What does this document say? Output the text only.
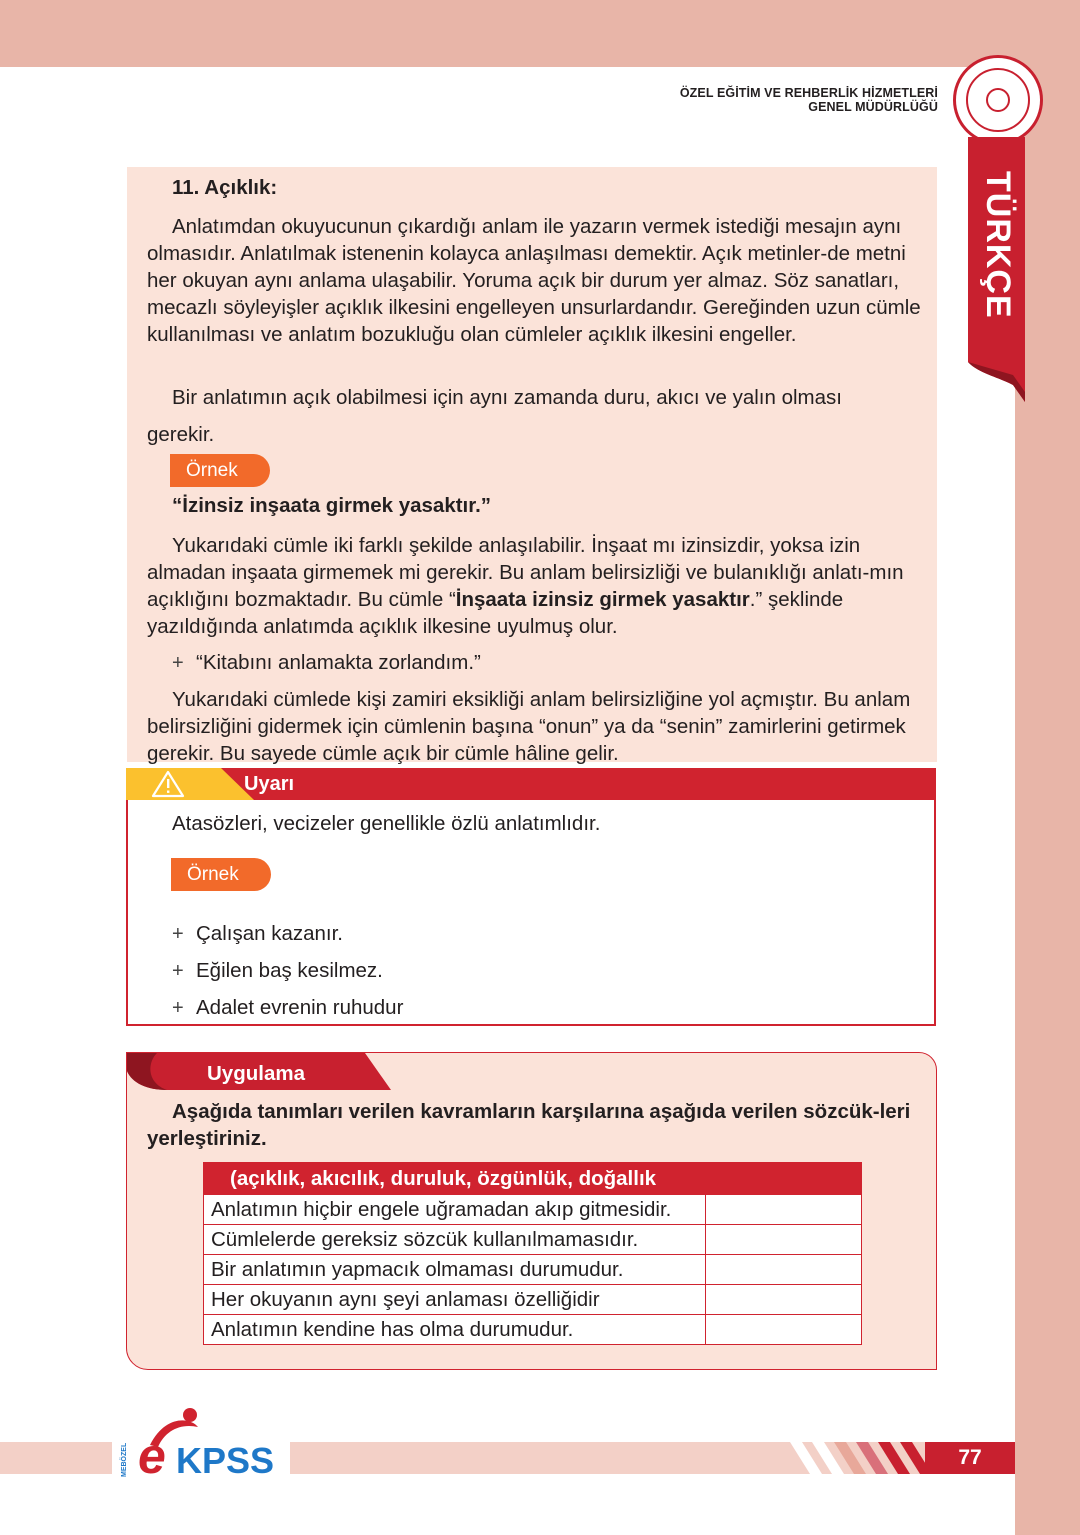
ÖZEL EĞİTİM VE REHBERLİK HİZMETLERİ
GENEL MÜDÜRLÜĞÜ
TÜRKÇE
11. Açıklık:

Anlatımdan okuyucunun çıkardığı anlam ile yazarın vermek istediği mesajın aynı olmasıdır. Anlatılmak istenenin kolayca anlaşılması demektir. Açık metinler-de metni her okuyan aynı anlama ulaşabilir. Yoruma açık bir durum yer almaz. Söz sanatları, mecazlı söyleyişler açıklık ilkesini engelleyen unsurlardandır. Gereğinden uzun cümle kullanılması ve anlatım bozukluğu olan cümleler açıklık ilkesini engeller.

Bir anlatımın açık olabilmesi için aynı zamanda duru, akıcı ve yalın olması

gerekir.

Örnek
“İzinsiz inşaata girmek yasaktır.”

Yukarıdaki cümle iki farklı şekilde anlaşılabilir. İnşaat mı izinsizdir, yoksa izin almadan inşaata girmemek mi gerekir. Bu anlam belirsizliği ve bulanıklığı anlatı-mın açıklığını bozmaktadır. Bu cümle “İnşaata izinsiz girmek yasaktır.” şeklinde yazıldığında anlatımda açıklık ilkesine uyulmuş olur.

+ “Kitabını anlamakta zorlandım.”

Yukarıdaki cümlede kişi zamiri eksikliği anlam belirsizliğine yol açmıştır. Bu anlam belirsizliğini gidermek için cümlenin başına “onun” ya da “senin” zamirlerini getirmek gerekir. Bu sayede cümle açık bir cümle hâline gelir.

Uyarı
Atasözleri, vecizeler genellikle özlü anlatımlıdır.
Örnek
+ Çalışan kazanır.
+ Eğilen baş kesilmez.
+ Adalet evrenin ruhudur
Uygulama

Aşağıda tanımları verilen kavramların karşılarına aşağıda verilen sözcük-leri yerleştiriniz.

(açıklık, akıcılık, duruluk, özgünlük, doğallık	
Anlatımın hiçbir engele uğramadan akıp gitmesidir.	
Cümlelerde gereksiz sözcük kullanılmamasıdır.	
Bir anlatımın yapmacık olmaması durumudur.	
Her okuyanın aynı şeyi anlaması özelliğidir	
Anlatımın kendine has olma durumudur.	
77
e KPSS
MEBÖZEL
